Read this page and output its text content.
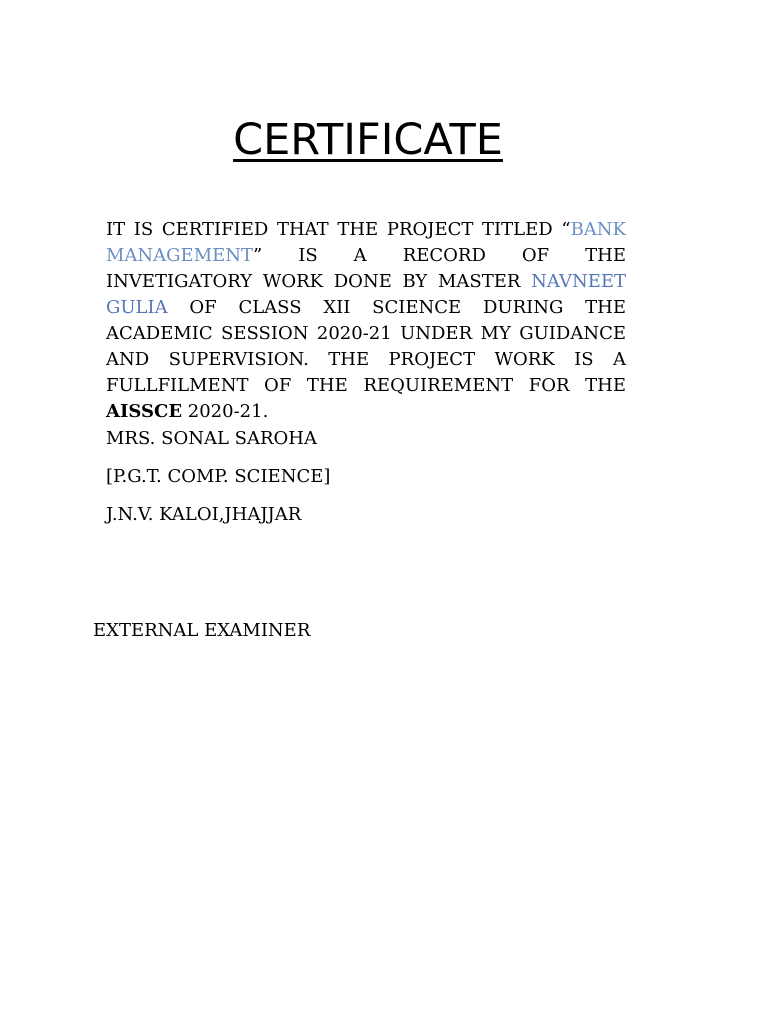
CERTIFICATE

IT IS CERTIFIED THAT THE PROJECT TITLED “BANK MANAGEMENT” IS A RECORD OF THE INVETIGATORY WORK DONE BY MASTER NAVNEET GULIA OF CLASS XII SCIENCE DURING THE ACADEMIC SESSION 2020-21 UNDER MY GUIDANCE AND SUPERVISION. THE PROJECT WORK IS A FULLFILMENT OF THE REQUIREMENT FOR THE AISSCE 2020-21.

MRS. SONAL SAROHA

[P.G.T. COMP. SCIENCE]

J.N.V. KALOI,JHAJJAR

EXTERNAL EXAMINER
